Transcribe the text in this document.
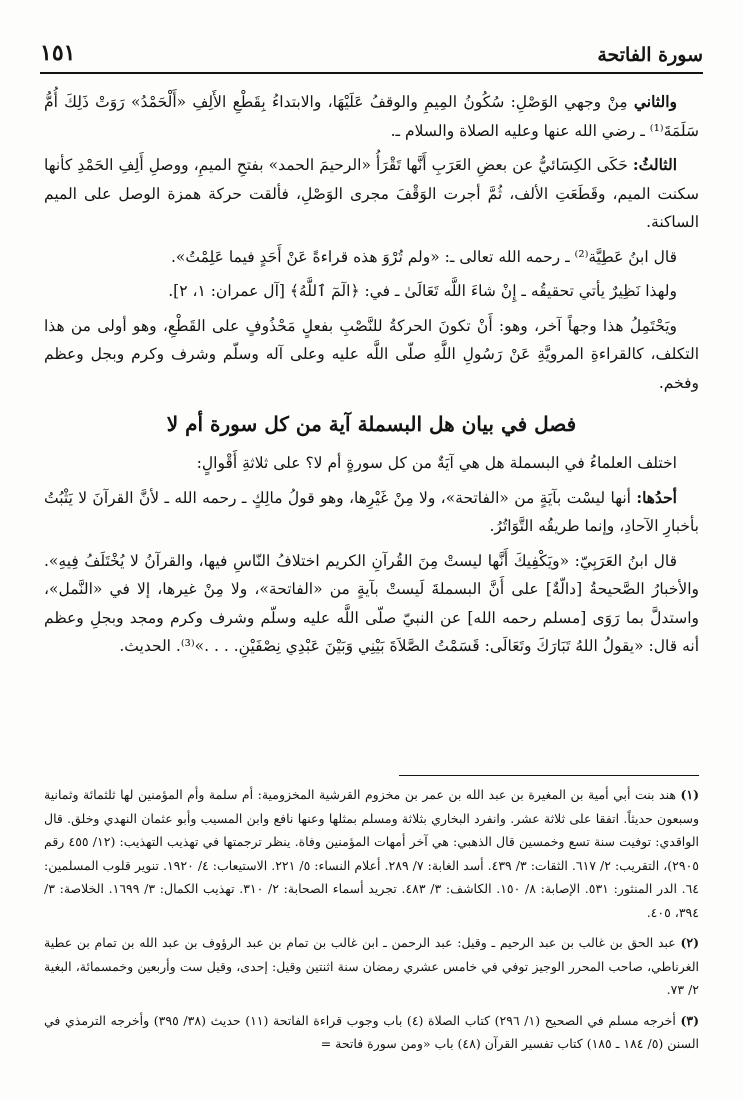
سورة الفاتحة
١٥١

والثاني مِنْ وجهي الوَصْلِ: سُكُونُ المِيمِ والوقفُ عَلَيْهَا، والابتداءُ بِقَطْعِ الأَلِفِ «أَلْحَمْدُ» رَوَتْ ذَلِكَ أُمُّ سَلَمَةَ⁽¹⁾ ـ رضي الله عنها وعليه الصلاة والسلام ـ.

الثالثُ: حَكَى الكِسَائيُّ عن بعضِ العَرَبِ أَنَّها تَقْرَأُ «الرحيمَ الحمد» بفتحِ الميمِ، ووصلِ أَلِفِ الحَمْدِ كأنها سكنت الميم، وقَطَعَتِ الألف، ثُمَّ أجرت الوَقْفَ مجرى الوَصْلِ، فألقت حركة همزة الوصل على الميم الساكنة.

قال ابنُ عَطِيَّة⁽²⁾ ـ رحمه الله تعالى ـ: «ولم تُرْوَ هذه قراءةً عَنْ أَحَدٍ فيما عَلِمْتُ».

ولهذا نَظِيرٌ يأتي تحقيقُه ـ إِنْ شاءَ اللَّه تَعَالَىٰ ـ في: ﴿الٓمٓ ٱللَّهُ﴾ [آل عمران: ١، ٢].

ويَحْتَمِلُ هذا وجهاً آخر، وهو: أَنْ تكونَ الحركةُ للنَّصْبِ بفعلٍ مَحْذُوفٍ على القَطْعِ، وهو أولى من هذا التكلف، كالقراءةِ المرويَّةِ عَنْ رَسُولِ اللَّهِ صلّى اللَّه عليه وعلى آله وسلّم وشرف وكرم وبجل وعظم وفخم.

فصل في بيان هل البسملة آية من كل سورة أم لا

اختلف العلماءُ في البسملة هل هي آيَةٌ من كل سورةٍ أم لا؟ على ثلاثةِ أَقْوالٍ:

أحدُها: أنها ليسْت بآيَةٍ من «الفاتحة»، ولا مِنْ غَيْرِها، وهو قولُ مالِكٍ ـ رحمه الله ـ لأنَّ القرآنَ لا يَثْبُتُ بأخبارِ الآحادِ، وإنما طريقُه التَّوَاتُرُ.

قال ابنُ العَرَبِيّ: «ويَكْفِيكَ أَنَّها ليستْ مِنَ القُرآنِ الكريم اختلافُ النّاسِ فيها، والقرآنُ لا يُخْتَلَفُ فِيهِ». والأخبارُ الصَّحيحةُ [دالّةٌ] على أَنَّ البسملةَ لَيستْ بآيةٍ من «الفاتحة»، ولا مِنْ غيرها، إلا في «النَّمل»، واستدلَّ بما رَوَى [مسلم رحمه الله] عن النبيّ صلّى اللَّه عليه وسلّم وشرف وكرم ومجد وبجلِ وعظم أنه قال: «يقولُ اللهُ تَبَارَكَ وتَعَالَى: قَسَمْتُ الصَّلاَةَ بَيْنِي وَبَيْنَ عَبْدِي نِصْفَيْنِ. . . .»⁽³⁾. الحديث.

(١) هند بنت أبي أمية بن المغيرة بن عبد الله بن عمر بن مخزوم القرشية المخزومية: أم سلمة وأم المؤمنين لها ثلثمائة وثمانية وسبعون حديثاً. اتفقا على ثلاثة عشر. وانفرد البخاري بثلاثة ومسلم بمثلها وعنها نافع وابن المسيب وأبو عثمان النهدي وخلق. قال الواقدي: توفيت سنة تسع وخمسين قال الذهبي: هي آخر أمهات المؤمنين وفاة. ينظر ترجمتها في تهذيب التهذيب: (١٢/ ٤٥٥ رقم ٢٩٠٥)، التقريب: ٢/ ٦١٧. الثقات: ٣/ ٤٣٩. أسد الغابة: ٧/ ٢٨٩. أعلام النساء: ٥/ ٢٢١. الاستيعاب: ٤/ ١٩٢٠. تنوير قلوب المسلمين: ٦٤. الدر المنثور: ٥٣١. الإصابة: ٨/ ١٥٠. الكاشف: ٣/ ٤٨٣. تجريد أسماء الصحابة: ٢/ ٣١٠. تهذيب الكمال: ٣/ ١٦٩٩. الخلاصة: ٣/ ٣٩٤، ٤٠٥.

(٢) عبد الحق بن غالب بن عبد الرحيم ـ وقيل: عبد الرحمن ـ ابن غالب بن تمام بن عبد الرؤوف بن عبد الله بن تمام بن عطية الغرناطي، صاحب المحرر الوجيز توفي في خامس عشري رمضان سنة اثنتين وقيل: إحدى، وقيل ست وأربعين وخمسمائة، البغية ٢/ ٧٣.

(٣) أخرجه مسلم في الصحيح (١/ ٢٩٦) كتاب الصلاة (٤) باب وجوب قراءة الفاتحة (١١) حديث (٣٨/ ٣٩٥) وأخرجه الترمذي في السنن (٥/ ١٨٤ ـ ١٨٥) كتاب تفسير القرآن (٤٨) باب «ومن سورة فاتحة =
